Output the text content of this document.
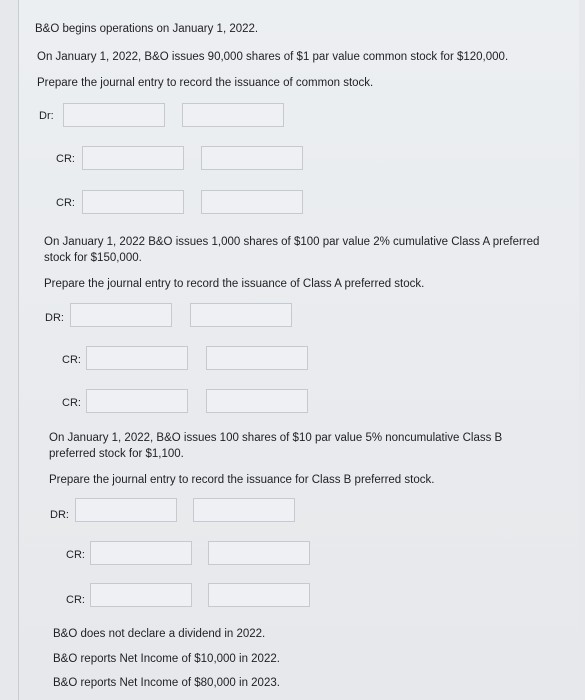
B&O begins operations on January 1, 2022.
On January 1, 2022, B&O issues 90,000 shares of $1 par value common stock for $120,000.
Prepare the journal entry to record the issuance of common stock.
Dr:
CR:
CR:
On January 1, 2022 B&O issues 1,000 shares of $100 par value 2% cumulative Class A preferred stock for $150,000.
Prepare the journal entry to record the issuance of Class A preferred stock.
DR:
CR:
CR:
On January 1, 2022, B&O issues 100 shares of $10 par value 5% noncumulative Class B preferred stock for $1,100.
Prepare the journal entry to record the issuance for Class B preferred stock.
DR:
CR:
CR:
B&O does not declare a dividend in 2022.
B&O reports Net Income of $10,000 in 2022.
B&O reports Net Income of $80,000 in 2023.
